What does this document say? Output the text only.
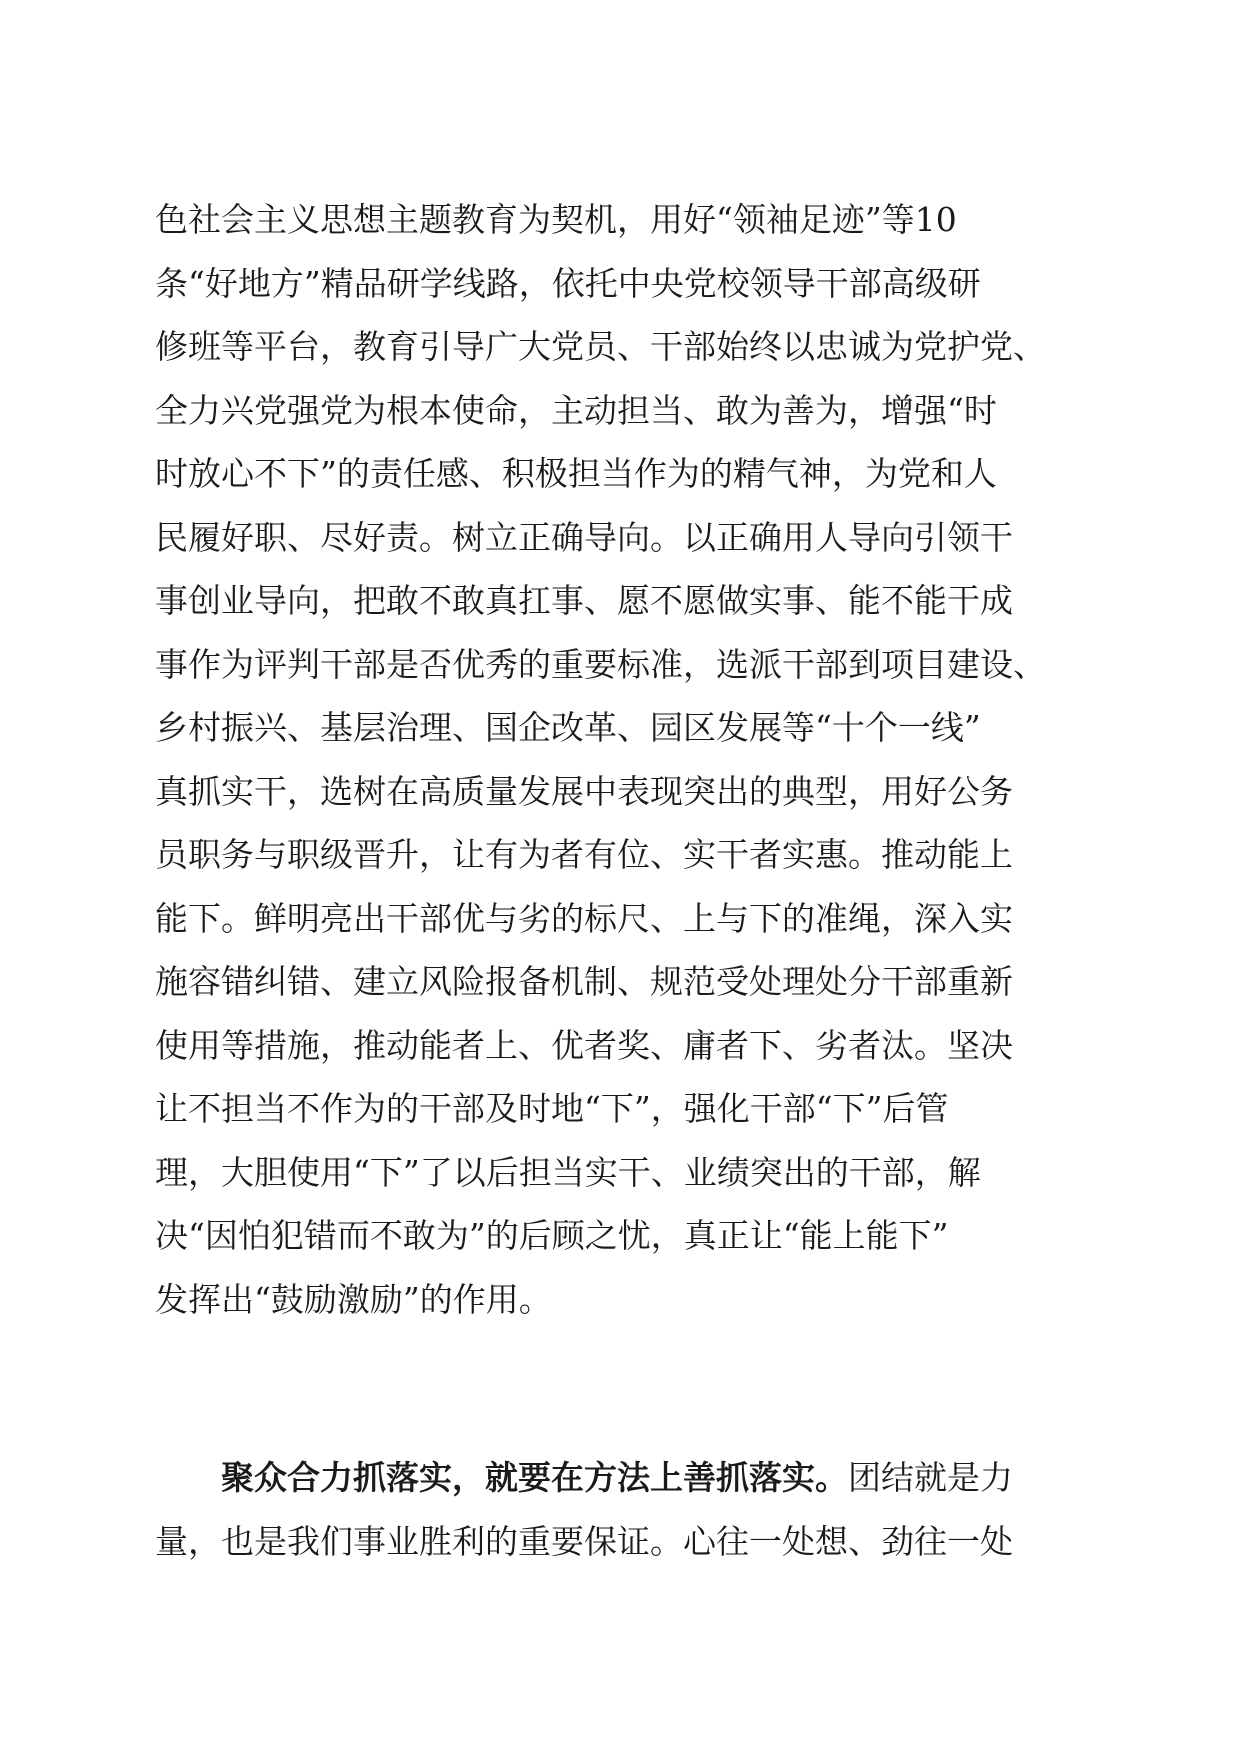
色社会主义思想主题教育为契机，用好“领袖足迹”等10
条“好地方”精品研学线路，依托中央党校领导干部高级研
修班等平台，教育引导广大党员、干部始终以忠诚为党护党、
全力兴党强党为根本使命，主动担当、敢为善为，增强“时
时放心不下”的责任感、积极担当作为的精气神，为党和人
民履好职、尽好责。树立正确导向。以正确用人导向引领干
事创业导向，把敢不敢真扛事、愿不愿做实事、能不能干成
事作为评判干部是否优秀的重要标准，选派干部到项目建设、
乡村振兴、基层治理、国企改革、园区发展等“十个一线”
真抓实干，选树在高质量发展中表现突出的典型，用好公务
员职务与职级晋升，让有为者有位、实干者实惠。推动能上
能下。鲜明亮出干部优与劣的标尺、上与下的准绳，深入实
施容错纠错、建立风险报备机制、规范受处理处分干部重新
使用等措施，推动能者上、优者奖、庸者下、劣者汰。坚决
让不担当不作为的干部及时地“下”，强化干部“下”后管
理，大胆使用“下”了以后担当实干、业绩突出的干部，解
决“因怕犯错而不敢为”的后顾之忧，真正让“能上能下”
发挥出“鼓励激励”的作用。
聚众合力抓落实，就要在方法上善抓落实。团结就是力
量，也是我们事业胜利的重要保证。心往一处想、劲往一处
